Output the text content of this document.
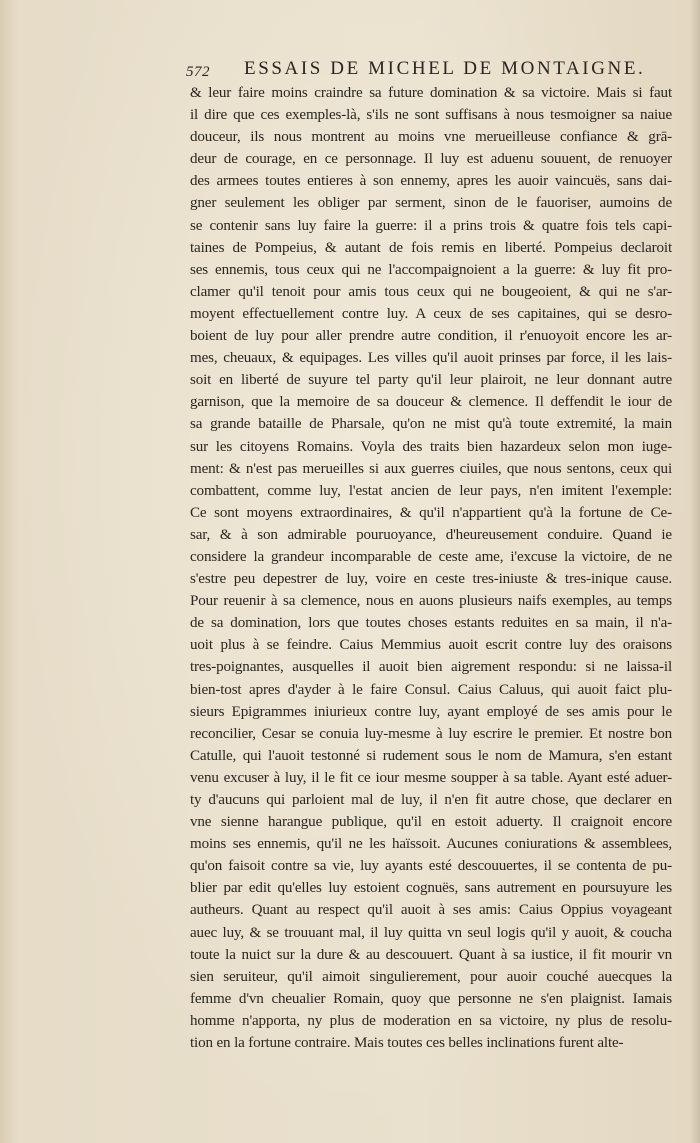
572 ESSAIS DE MICHEL DE MONTAIGNE.
& leur faire moins craindre sa future domination & sa victoire. Mais si faut
il dire que ces exemples-là, s'ils ne sont suffisans à nous tesmoigner sa naiue
douceur, ils nous montrent au moins vne merueilleuse confiance & grā-
deur de courage, en ce personnage. Il luy est aduenu souuent, de renuoyer
des armees toutes entieres à son ennemy, apres les auoir vaincuës, sans dai-
gner seulement les obliger par serment, sinon de le fauoriser, aumoins de
se contenir sans luy faire la guerre: il a prins trois & quatre fois tels capi-
taines de Pompeius, & autant de fois remis en liberté. Pompeius declaroit
ses ennemis, tous ceux qui ne l'accompaignoient a la guerre: & luy fit pro-
clamer qu'il tenoit pour amis tous ceux qui ne bougeoient, & qui ne s'ar-
moyent effectuellement contre luy. A ceux de ses capitaines, qui se desro-
boient de luy pour aller prendre autre condition, il r'enuoyoit encore les ar-
mes, cheuaux, & equipages. Les villes qu'il auoit prinses par force, il les lais-
soit en liberté de suyure tel party qu'il leur plairoit, ne leur donnant autre
garnison, que la memoire de sa douceur & clemence. Il deffendit le iour de
sa grande bataille de Pharsale, qu'on ne mist qu'à toute extremité, la main
sur les citoyens Romains. Voyla des traits bien hazardeux selon mon iuge-
ment: & n'est pas merueilles si aux guerres ciuiles, que nous sentons, ceux qui
combattent, comme luy, l'estat ancien de leur pays, n'en imitent l'exemple:
Ce sont moyens extraordinaires, & qu'il n'appartient qu'à la fortune de Ce-
sar, & à son admirable pouruoyance, d'heureusement conduire. Quand ie
considere la grandeur incomparable de ceste ame, i'excuse la victoire, de ne
s'estre peu depestrer de luy, voire en ceste tres-iniuste & tres-inique cause.
Pour reuenir à sa clemence, nous en auons plusieurs naifs exemples, au temps
de sa domination, lors que toutes choses estants reduites en sa main, il n'a-
uoit plus à se feindre. Caius Memmius auoit escrit contre luy des oraisons
tres-poignantes, ausquelles il auoit bien aigrement respondu: si ne laissa-il
bien-tost apres d'ayder à le faire Consul. Caius Caluus, qui auoit faict plu-
sieurs Epigrammes iniurieux contre luy, ayant employé de ses amis pour le
reconcilier, Cesar se conuia luy-mesme à luy escrire le premier. Et nostre bon
Catulle, qui l'auoit testonné si rudement sous le nom de Mamura, s'en estant
venu excuser à luy, il le fit ce iour mesme soupper à sa table. Ayant esté aduer-
ty d'aucuns qui parloient mal de luy, il n'en fit autre chose, que declarer en
vne sienne harangue publique, qu'il en estoit aduerty. Il craignoit encore
moins ses ennemis, qu'il ne les haïssoit. Aucunes coniurations & assemblees,
qu'on faisoit contre sa vie, luy ayants esté descouuertes, il se contenta de pu-
blier par edit qu'elles luy estoient cognuës, sans autrement en poursuyure les
autheurs. Quant au respect qu'il auoit à ses amis: Caius Oppius voyageant
auec luy, & se trouuant mal, il luy quitta vn seul logis qu'il y auoit, & coucha
toute la nuict sur la dure & au descouuert. Quant à sa iustice, il fit mourir vn
sien seruiteur, qu'il aimoit singulierement, pour auoir couché auecques la
femme d'vn cheualier Romain, quoy que personne ne s'en plaignist. Iamais
homme n'apporta, ny plus de moderation en sa victoire, ny plus de resolu-
tion en la fortune contraire. Mais toutes ces belles inclinations furent alte-
